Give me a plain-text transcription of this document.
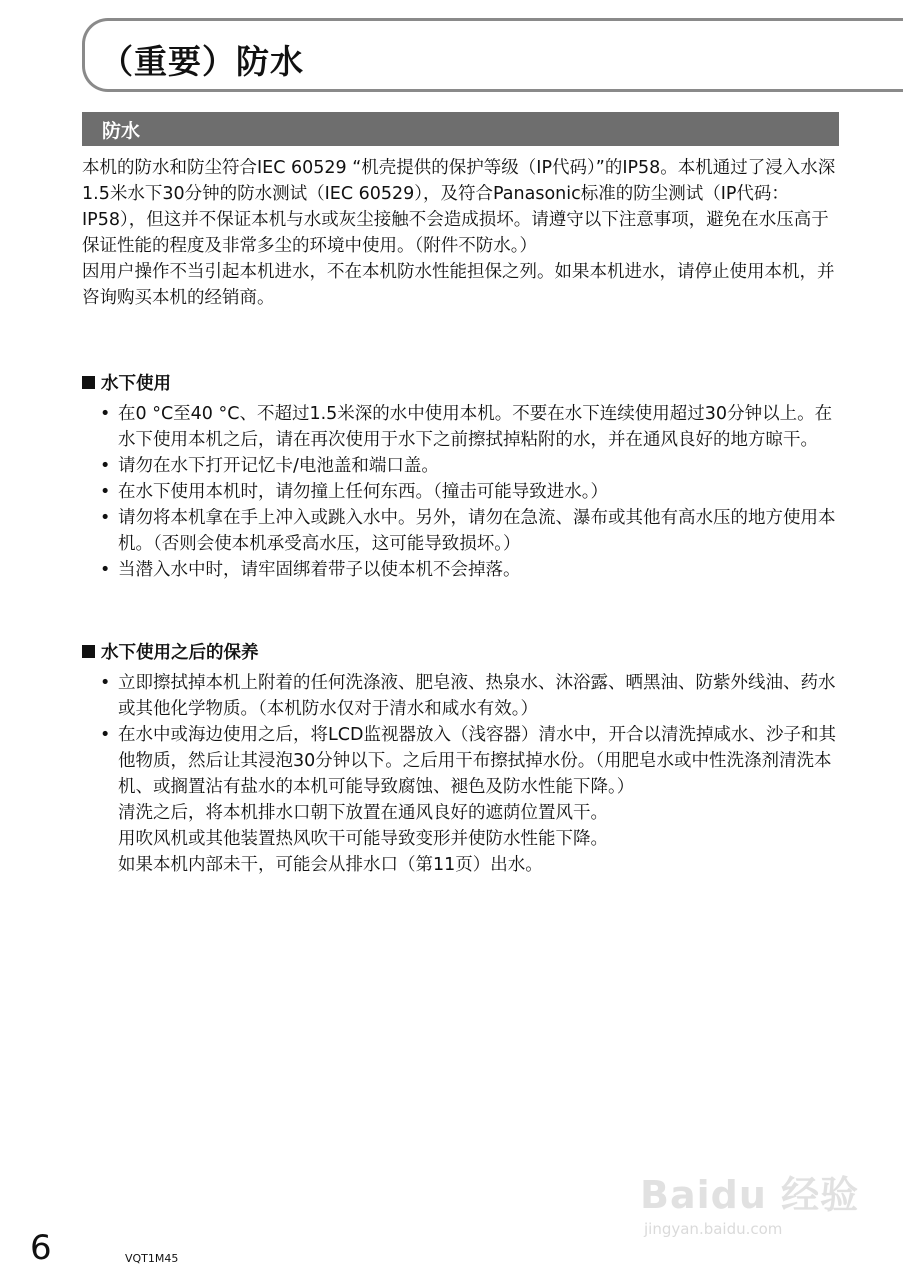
（重要）防水
防水

本机的防水和防尘符合IEC 60529 “机壳提供的保护等级（IP代码）”的IP58。本机通过了浸入水深1.5米水下30分钟的防水测试（IEC 60529），及符合Panasonic标准的防尘测试（IP代码：IP58），但这并不保证本机与水或灰尘接触不会造成损坏。请遵守以下注意事项，避免在水压高于保证性能的程度及非常多尘的环境中使用。（附件不防水。）

因用户操作不当引起本机进水，不在本机防水性能担保之列。如果本机进水，请停止使用本机，并咨询购买本机的经销商。

水下使用
• 在0 °C至40 °C、不超过1.5米深的水中使用本机。不要在水下连续使用超过30分钟以上。在水下使用本机之后，请在再次使用于水下之前擦拭掉粘附的水，并在通风良好的地方晾干。
• 请勿在水下打开记忆卡/电池盖和端口盖。
• 在水下使用本机时，请勿撞上任何东西。（撞击可能导致进水。）
• 请勿将本机拿在手上冲入或跳入水中。另外，请勿在急流、瀑布或其他有高水压的地方使用本机。（否则会使本机承受高水压，这可能导致损坏。）
• 当潜入水中时，请牢固绑着带子以使本机不会掉落。
水下使用之后的保养
• 立即擦拭掉本机上附着的任何洗涤液、肥皂液、热泉水、沐浴露、晒黑油、防紫外线油、药水或其他化学物质。（本机防水仅对于清水和咸水有效。）
• 在水中或海边使用之后，将LCD监视器放入（浅容器）清水中，开合以清洗掉咸水、沙子和其他物质，然后让其浸泡30分钟以下。之后用干布擦拭掉水份。（用肥皂水或中性洗涤剂清洗本机、或搁置沾有盐水的本机可能导致腐蚀、褪色及防水性能下降。）

清洗之后，将本机排水口朝下放置在通风良好的遮荫位置风干。

用吹风机或其他装置热风吹干可能导致变形并使防水性能下降。

如果本机内部未干，可能会从排水口（第11页）出水。

Baidu 经验
jingyan.baidu.com
6	VQT1M45
